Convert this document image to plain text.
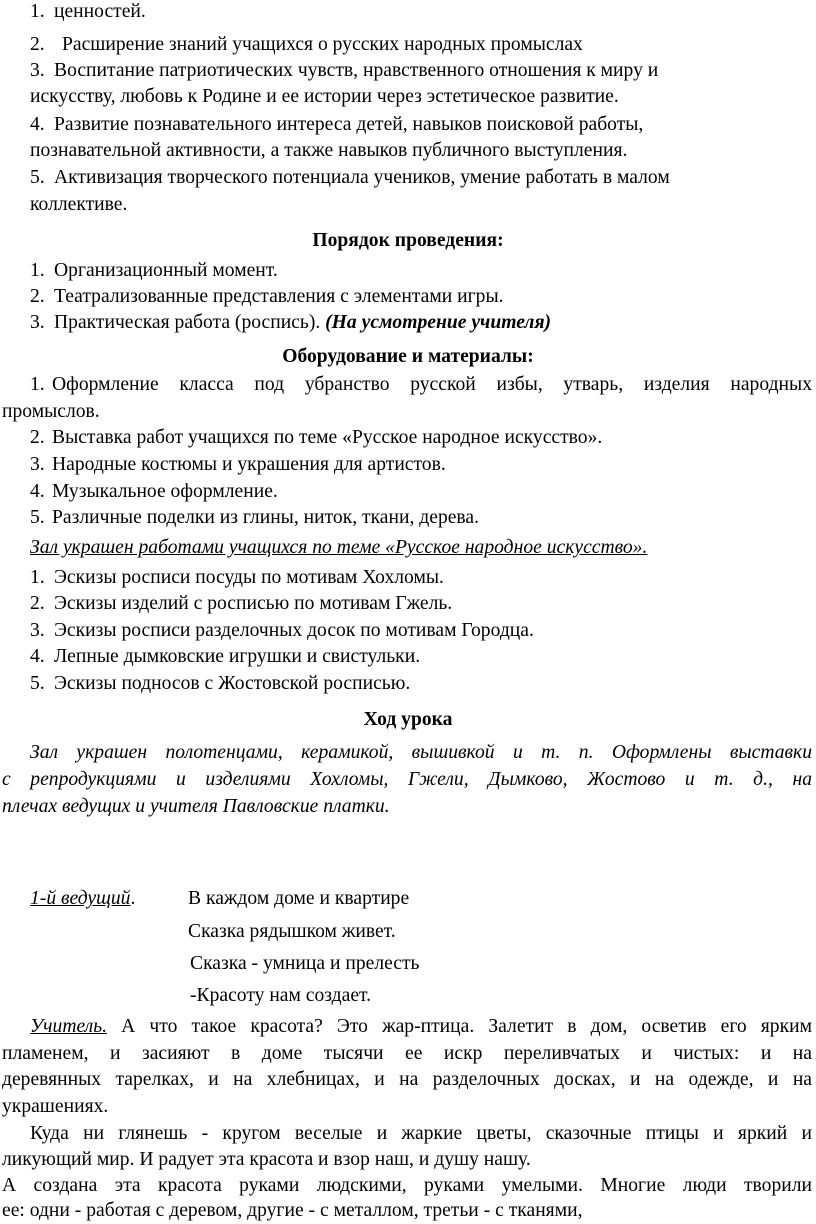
1. ценностей.
2. Расширение знаний учащихся о русских народных промыслах
3. Воспитание патриотических чувств, нравственного отношения к миру и
искусству, любовь к Родине и ее истории через эстетическое развитие.
4. Развитие познавательного интереса детей, навыков поисковой работы,
познавательной активности, а также навыков публичного выступления.
5. Активизация творческого потенциала учеников, умение работать в малом
коллективе.
Порядок проведения:
1. Организационный момент.
2. Театрализованные представления с элементами игры.
3. Практическая работа (роспись). (На усмотрение учителя)
Оборудование и материалы:
1. Оформление класса под убранство русской избы, утварь, изделия народных
промыслов.
2. Выставка работ учащихся по теме «Русское народное искусство».
3. Народные костюмы и украшения для артистов.
4. Музыкальное оформление.
5. Различные поделки из глины, ниток, ткани, дерева.
Зал украшен работами учащихся по теме «Русское народное искусство».
1. Эскизы росписи посуды по мотивам Хохломы.
2. Эскизы изделий с росписью по мотивам Гжель.
3. Эскизы росписи разделочных досок по мотивам Городца.
4. Лепные дымковские игрушки и свистульки.
5. Эскизы подносов с Жостовской росписью.
Ход урока
Зал украшен полотенцами, керамикой, вышивкой и т. п. Оформлены выставки
с репродукциями и изделиями Хохломы, Гжели, Дымково, Жостово и т. д., на
плечах ведущих и учителя Павловские платки.
1-й ведущий.	В каждом доме и квартире
Сказка рядышком живет.
Сказка - умница и прелесть
-Красоту нам создает.
Учитель. А что такое красота? Это жар-птица. Залетит в дом, осветив его ярким
пламенем, и засияют в доме тысячи ее искр переливчатых и чистых: и на
деревянных тарелках, и на хлебницах, и на разделочных досках, и на одежде, и на
украшениях.
Куда ни глянешь - кругом веселые и жаркие цветы, сказочные птицы и яркий и
ликующий мир. И радует эта красота и взор наш, и душу нашу.
А создана эта красота руками людскими, руками умелыми. Многие люди творили
ее: одни - работая с деревом, другие - с металлом, третьи - с тканями,
